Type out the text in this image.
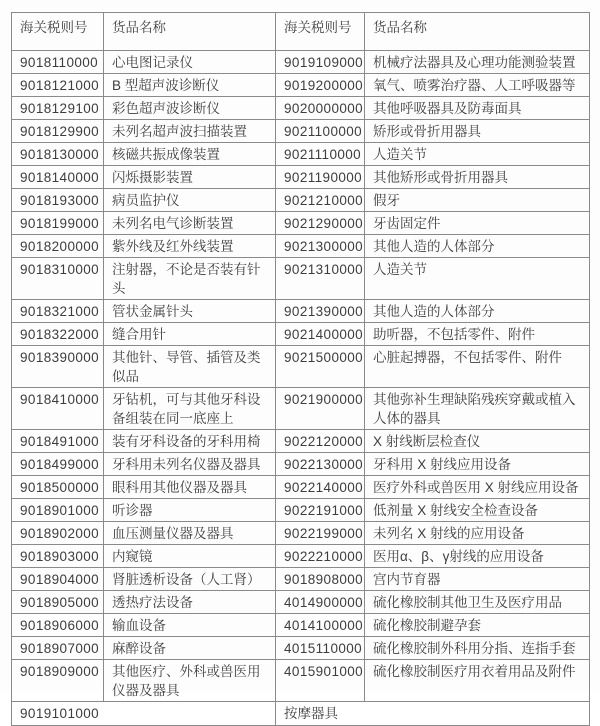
海关税则号	货品名称	海关税则号	货品名称
9018110000	心电图记录仪	9019109000	机械疗法器具及心理功能测验装置
9018121000	B 型超声波诊断仪	9019200000	氧气、喷雾治疗器、人工呼吸器等
9018129100	彩色超声波诊断仪	9020000000	其他呼吸器具及防毒面具
9018129900	未列名超声波扫描装置	9021100000	矫形或骨折用器具
9018130000	核磁共振成像装置	9021110000	人造关节
9018140000	闪烁摄影装置	9021190000	其他矫形或骨折用器具
9018193000	病员监护仪	9021210000	假牙
9018199000	未列名电气诊断装置	9021290000	牙齿固定件
9018200000	紫外线及红外线装置	9021300000	其他人造的人体部分
9018310000	注射器，不论是否装有针头	9021310000	人造关节
9018321000	管状金属针头	9021390000	其他人造的人体部分
9018322000	缝合用针	9021400000	助听器，不包括零件、附件
9018390000	其他针、导管、插管及类似品	9021500000	心脏起搏器，不包括零件、附件
9018410000	牙钻机，可与其他牙科设备组装在同一底座上	9021900000	其他弥补生理缺陷残疾穿戴或植入人体的器具
9018491000	装有牙科设备的牙科用椅	9022120000	X 射线断层检查仪
9018499000	牙科用未列名仪器及器具	9022130000	牙科用 X 射线应用设备
9018500000	眼科用其他仪器及器具	9022140000	医疗外科或兽医用 X 射线应用设备
9018901000	听诊器	9022191000	低剂量 X 射线安全检查设备
9018902000	血压测量仪器及器具	9022199000	未列名 X 射线的应用设备
9018903000	内窥镜	9022210000	医用α、β、γ射线的应用设备
9018904000	肾脏透析设备（人工肾）	9018908000	宫内节育器
9018905000	透热疗法设备	4014900000	硫化橡胶制其他卫生及医疗用品
9018906000	输血设备	4014100000	硫化橡胶制避孕套
9018907000	麻醉设备	4015110000	硫化橡胶制外科用分指、连指手套
9018909000	其他医疗、外科或兽医用仪器及器具	4015901000	硫化橡胶制医疗用衣着用品及附件
9019101000		按摩器具	
